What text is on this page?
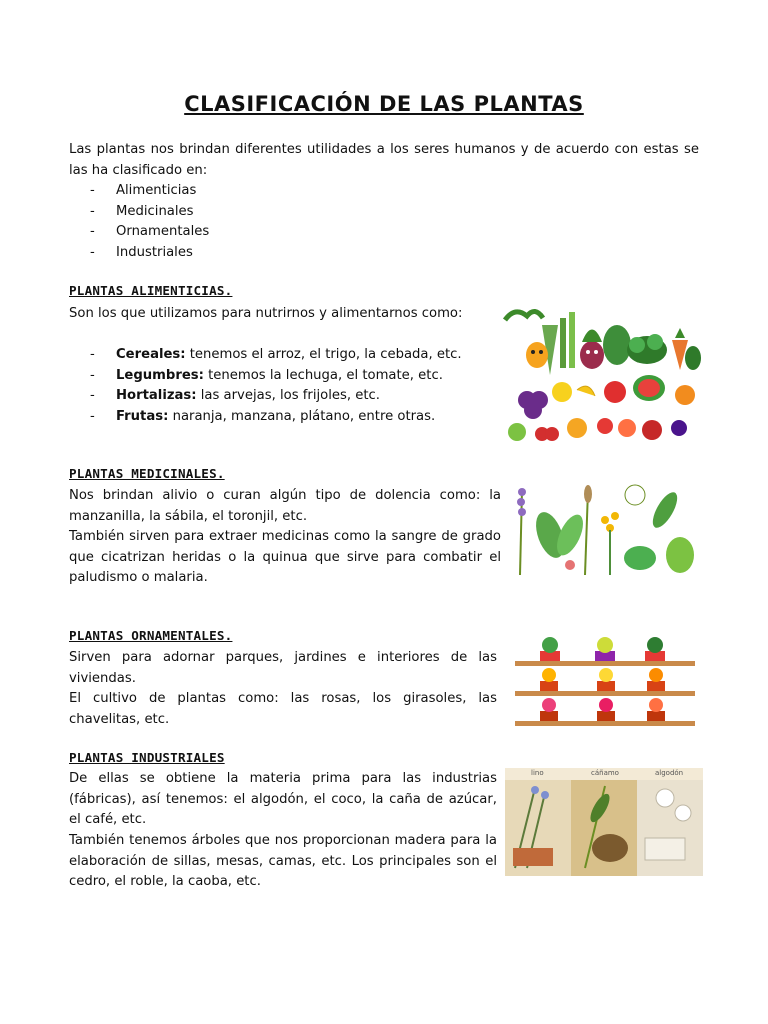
CLASIFICACIÓN DE LAS PLANTAS

Las plantas nos brindan diferentes utilidades a los seres humanos y de acuerdo con estas se las ha clasificado en:

- Alimenticias
- Medicinales
- Ornamentales
- Industriales
PLANTAS ALIMENTICIAS.

Son los que utilizamos para nutrirnos y alimentarnos como:

- Cereales: tenemos el arroz, el trigo, la cebada, etc.
- Legumbres: tenemos la lechuga, el tomate, etc.
- Hortalizas: las arvejas, los frijoles, etc.
- Frutas: naranja, manzana, plátano, entre otras.
PLANTAS MEDICINALES.

Nos brindan alivio o curan algún tipo de dolencia como: la manzanilla, la sábila, el toronjil, etc.

También sirven para extraer medicinas como la sangre de grado que cicatrizan heridas o la quinua que sirve para combatir el paludismo o malaria.

PLANTAS ORNAMENTALES.

Sirven para adornar parques, jardines e interiores de las viviendas.

El cultivo de plantas como: las rosas, los girasoles, las chavelitas, etc.

PLANTAS INDUSTRIALES

De ellas se obtiene la materia prima para las industrias (fábricas), así tenemos: el algodón, el coco, la caña de azúcar, el café, etc.

También tenemos árboles que nos proporcionan madera para la elaboración de sillas, mesas, camas, etc. Los principales son el cedro, el roble, la caoba, etc.

lino	cáñamo	algodón
